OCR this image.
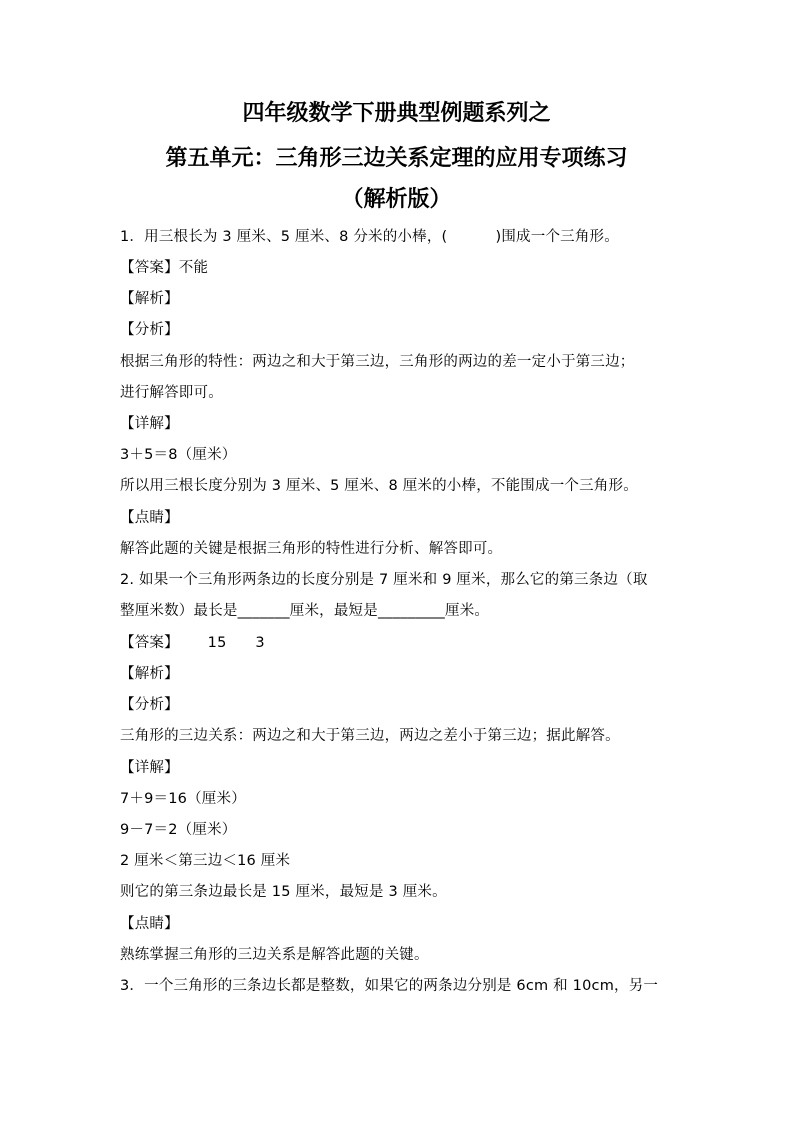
四年级数学下册典型例题系列之
第五单元：三角形三边关系定理的应用专项练习
（解析版）
1．用三根长为 3 厘米、5 厘米、8 分米的小棒，(          )围成一个三角形。
【答案】不能
【解析】
【分析】
根据三角形的特性：两边之和大于第三边，三角形的两边的差一定小于第三边；
进行解答即可。
【详解】
3＋5＝8（厘米）
所以用三根长度分别为 3 厘米、5 厘米、8 厘米的小棒，不能围成一个三角形。
【点睛】
解答此题的关键是根据三角形的特性进行分析、解答即可。
2. 如果一个三角形两条边的长度分别是 7 厘米和 9 厘米，那么它的第三条边（取
整厘米数）最长是_______厘米，最短是_________厘米。
【答案】      15      3
【解析】
【分析】
三角形的三边关系：两边之和大于第三边，两边之差小于第三边；据此解答。
【详解】
7＋9＝16（厘米）
9－7＝2（厘米）
2 厘米＜第三边＜16 厘米
则它的第三条边最长是 15 厘米，最短是 3 厘米。
【点睛】
熟练掌握三角形的三边关系是解答此题的关键。
3．一个三角形的三条边长都是整数，如果它的两条边分别是 6cm 和 10cm，另一
